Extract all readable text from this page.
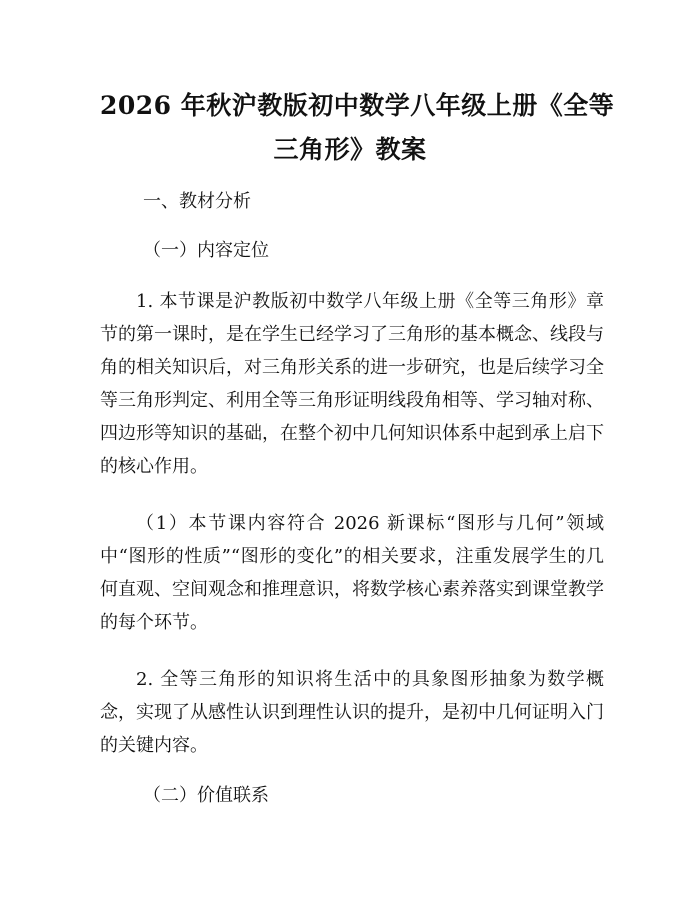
2026 年秋沪教版初中数学八年级上册《全等
三角形》教案
一、教材分析
（一）内容定位
1. 本节课是沪教版初中数学八年级上册《全等三角形》章节的第一课时，是在学生已经学习了三角形的基本概念、线段与角的相关知识后，对三角形关系的进一步研究，也是后续学习全等三角形判定、利用全等三角形证明线段角相等、学习轴对称、四边形等知识的基础，在整个初中几何知识体系中起到承上启下的核心作用。
（1）本节课内容符合 2026 新课标“图形与几何”领域中“图形的性质”“图形的变化”的相关要求，注重发展学生的几何直观、空间观念和推理意识，将数学核心素养落实到课堂教学的每个环节。
2. 全等三角形的知识将生活中的具象图形抽象为数学概念，实现了从感性认识到理性认识的提升，是初中几何证明入门的关键内容。
（二）价值联系
